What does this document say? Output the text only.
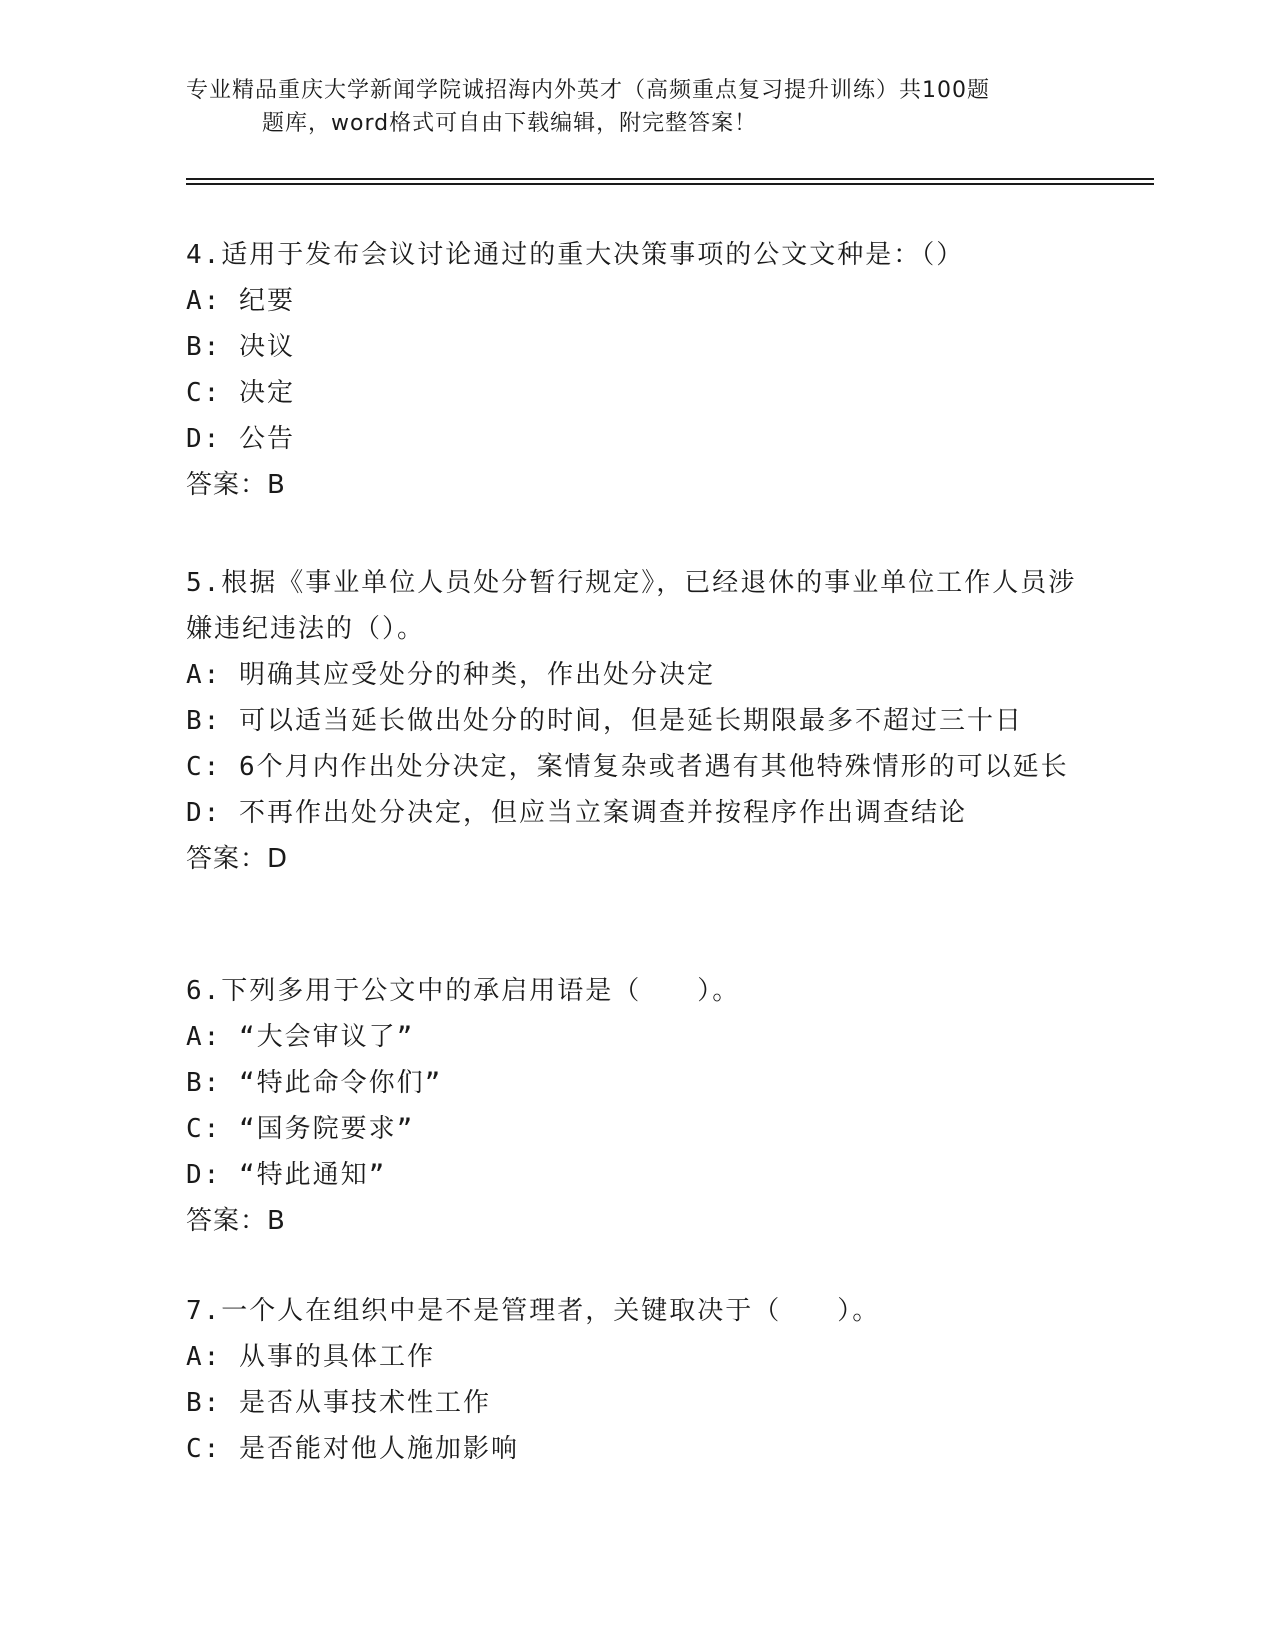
专业精品重庆大学新闻学院诚招海内外英才（高频重点复习提升训练）共100题
题库，word格式可自由下载编辑，附完整答案！

4.适用于发布会议讨论通过的重大决策事项的公文文种是：（）

A: 纪要

B: 决议

C: 决定

D: 公告

答案：B

5.根据《事业单位人员处分暂行规定》，已经退休的事业单位工作人员涉嫌违纪违法的（）。

A: 明确其应受处分的种类，作出处分决定

B: 可以适当延长做出处分的时间，但是延长期限最多不超过三十日

C: 6个月内作出处分决定，案情复杂或者遇有其他特殊情形的可以延长

D: 不再作出处分决定，但应当立案调查并按程序作出调查结论

答案：D

6.下列多用于公文中的承启用语是（　　）。

A: “大会审议了”

B: “特此命令你们”

C: “国务院要求”

D: “特此通知”

答案：B

7.一个人在组织中是不是管理者，关键取决于（　　）。

A: 从事的具体工作

B: 是否从事技术性工作

C: 是否能对他人施加影响
